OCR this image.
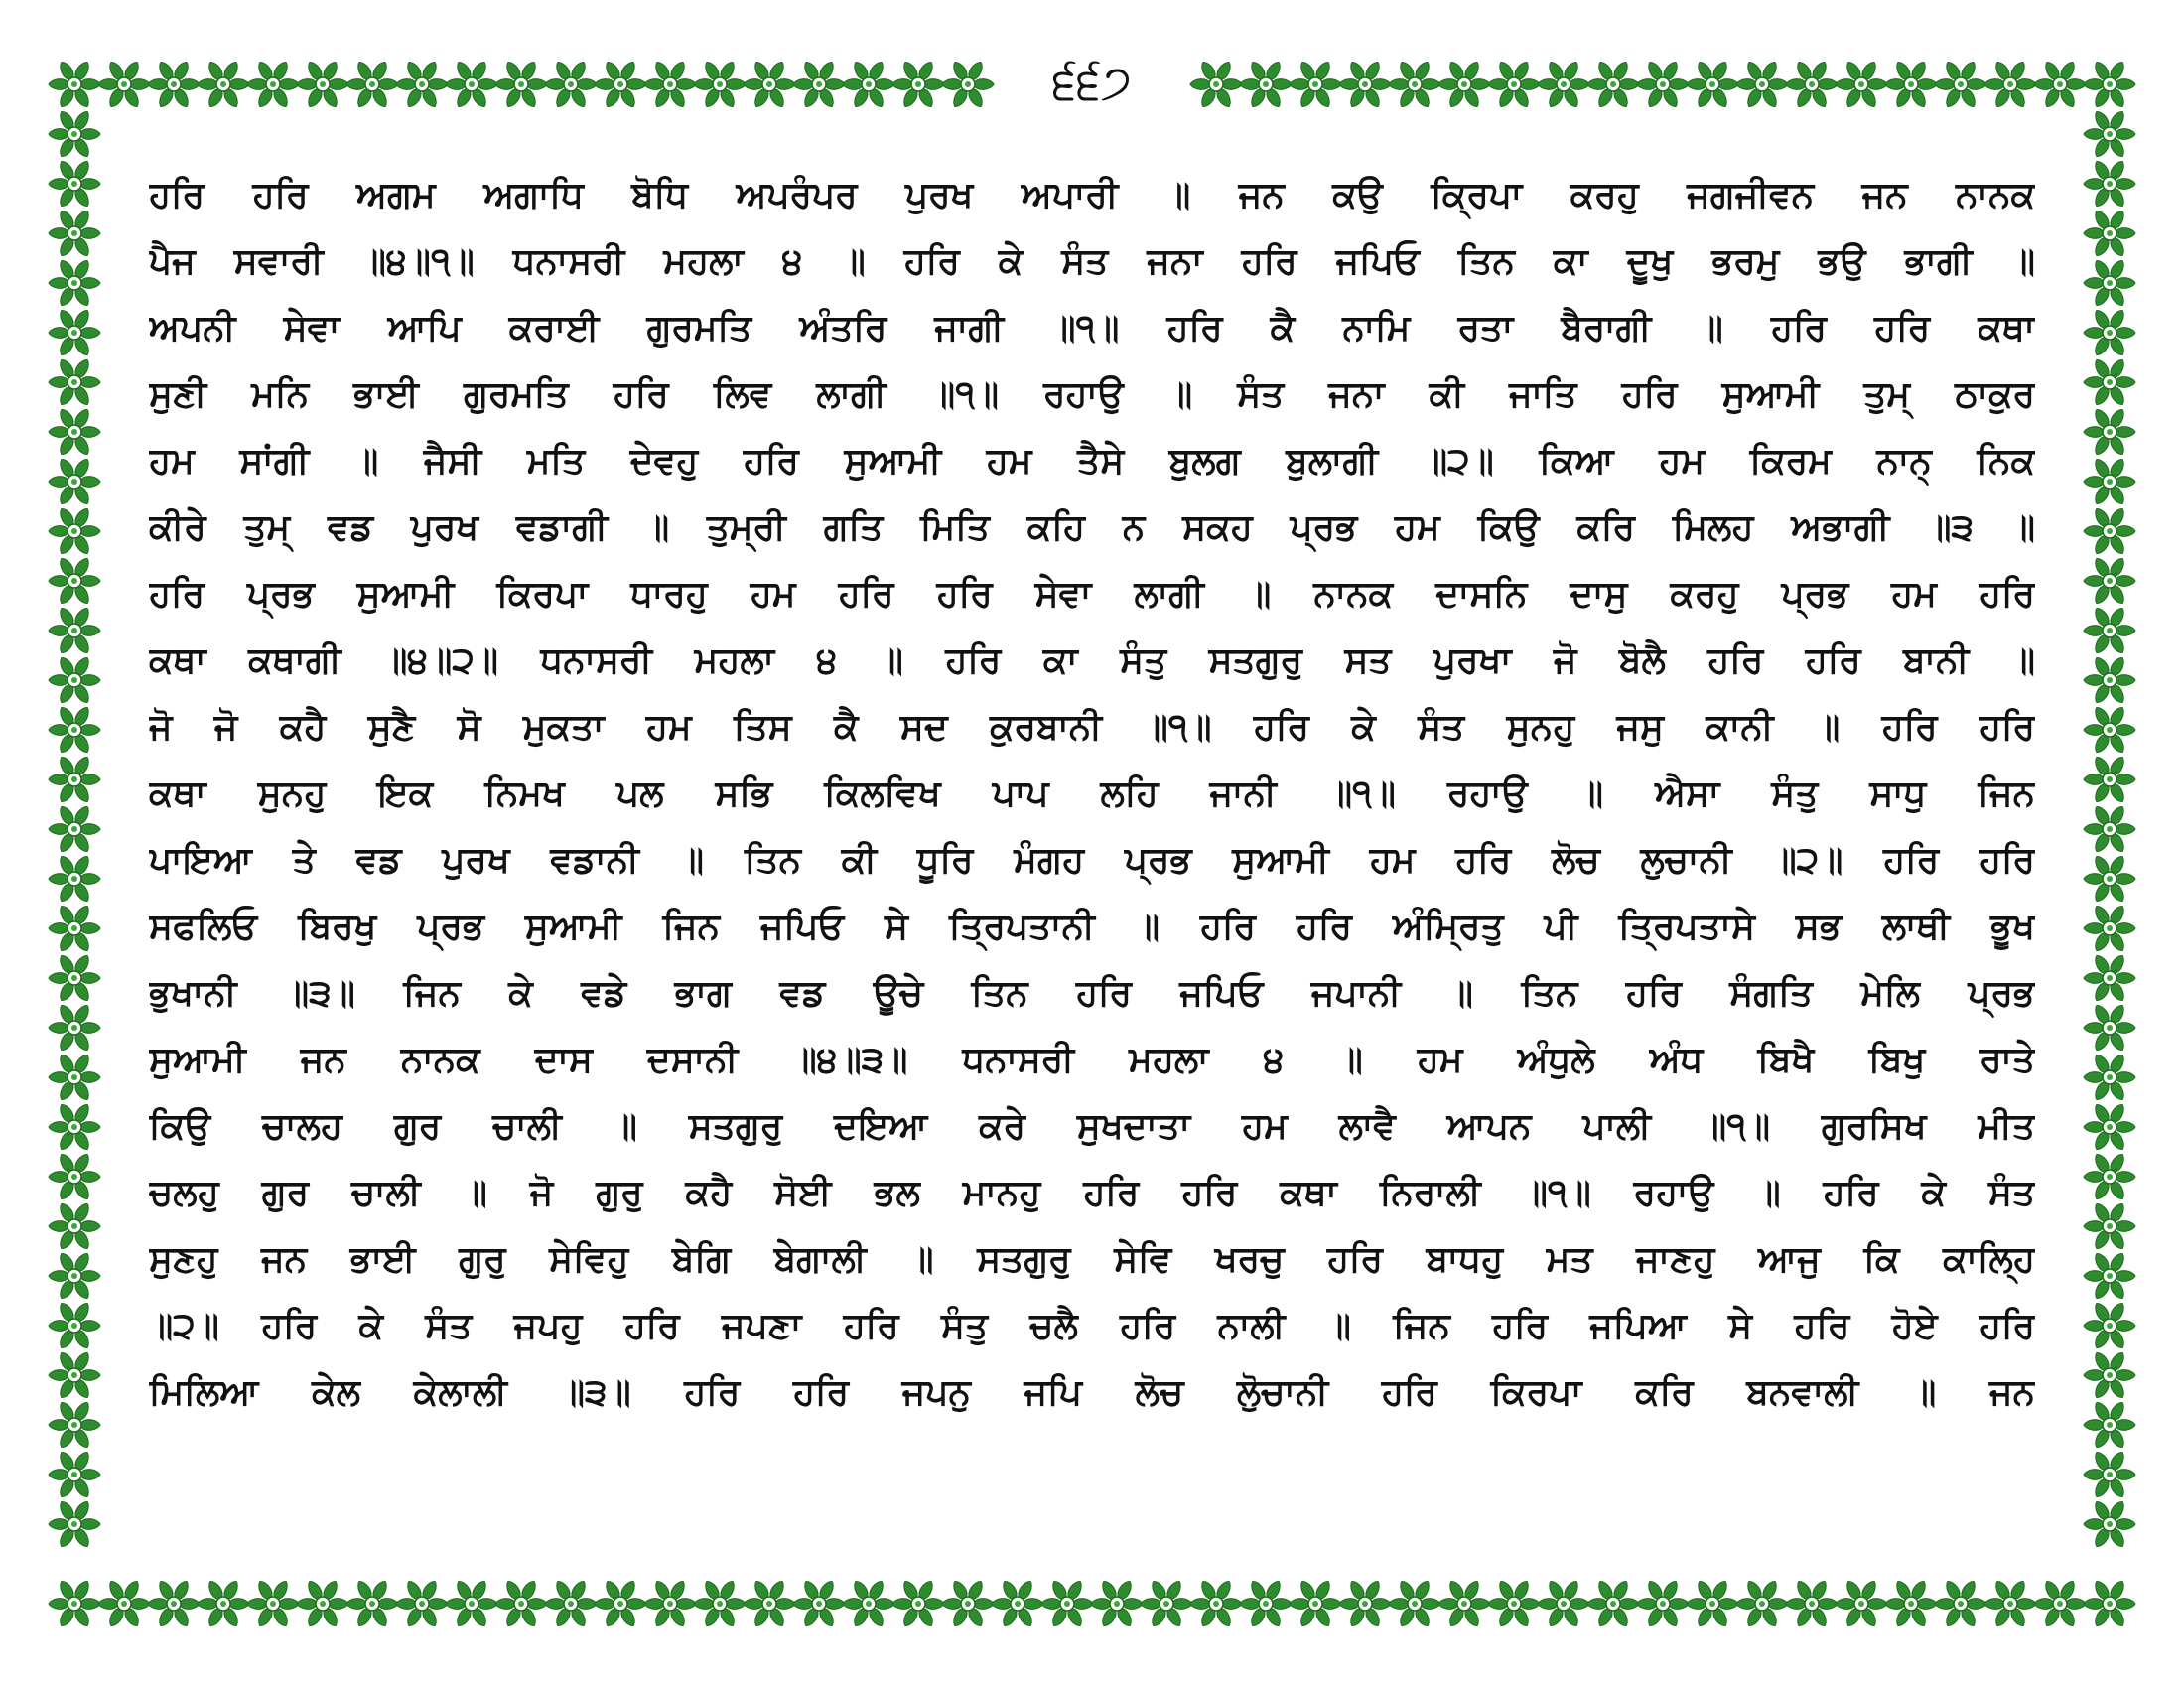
੬੬੭
ਹਰਿ ਹਰਿ ਅਗਮ ਅਗਾਧਿ ਬੋਧਿ ਅਪਰੰਪਰ ਪੁਰਖ ਅਪਾਰੀ ॥ ਜਨ ਕਉ ਕ੍ਰਿਪਾ ਕਰਹੁ ਜਗਜੀਵਨ ਜਨ ਨਾਨਕ
ਪੈਜ ਸਵਾਰੀ ॥੪॥੧॥ ਧਨਾਸਰੀ ਮਹਲਾ ੪ ॥ ਹਰਿ ਕੇ ਸੰਤ ਜਨਾ ਹਰਿ ਜਪਿਓ ਤਿਨ ਕਾ ਦੂਖੁ ਭਰਮੁ ਭਉ ਭਾਗੀ ॥
ਅਪਨੀ ਸੇਵਾ ਆਪਿ ਕਰਾਈ ਗੁਰਮਤਿ ਅੰਤਰਿ ਜਾਗੀ ॥੧॥ ਹਰਿ ਕੈ ਨਾਮਿ ਰਤਾ ਬੈਰਾਗੀ ॥ ਹਰਿ ਹਰਿ ਕਥਾ
ਸੁਣੀ ਮਨਿ ਭਾਈ ਗੁਰਮਤਿ ਹਰਿ ਲਿਵ ਲਾਗੀ ॥੧॥ ਰਹਾਉ ॥ ਸੰਤ ਜਨਾ ਕੀ ਜਾਤਿ ਹਰਿ ਸੁਆਮੀ ਤੁਮ੍ ਠਾਕੁਰ
ਹਮ ਸਾਂਗੀ ॥ ਜੈਸੀ ਮਤਿ ਦੇਵਹੁ ਹਰਿ ਸੁਆਮੀ ਹਮ ਤੈਸੇ ਬੁਲਗ ਬੁਲਾਗੀ ॥੨॥ ਕਿਆ ਹਮ ਕਿਰਮ ਨਾਨ੍ ਨਿਕ
ਕੀਰੇ ਤੁਮ੍ ਵਡ ਪੁਰਖ ਵਡਾਗੀ ॥ ਤੁਮ੍ਰੀ ਗਤਿ ਮਿਤਿ ਕਹਿ ਨ ਸਕਹ ਪ੍ਰਭ ਹਮ ਕਿਉ ਕਰਿ ਮਿਲਹ ਅਭਾਗੀ ॥੩ ॥
ਹਰਿ ਪ੍ਰਭ ਸੁਆਮੀ ਕਿਰਪਾ ਧਾਰਹੁ ਹਮ ਹਰਿ ਹਰਿ ਸੇਵਾ ਲਾਗੀ ॥ ਨਾਨਕ ਦਾਸਨਿ ਦਾਸੁ ਕਰਹੁ ਪ੍ਰਭ ਹਮ ਹਰਿ
ਕਥਾ ਕਥਾਗੀ ॥੪॥੨॥ ਧਨਾਸਰੀ ਮਹਲਾ ੪ ॥ ਹਰਿ ਕਾ ਸੰਤੁ ਸਤਗੁਰੁ ਸਤ ਪੁਰਖਾ ਜੋ ਬੋਲੈ ਹਰਿ ਹਰਿ ਬਾਨੀ ॥
ਜੋ ਜੋ ਕਹੈ ਸੁਣੈ ਸੋ ਮੁਕਤਾ ਹਮ ਤਿਸ ਕੈ ਸਦ ਕੁਰਬਾਨੀ ॥੧॥ ਹਰਿ ਕੇ ਸੰਤ ਸੁਨਹੁ ਜਸੁ ਕਾਨੀ ॥ ਹਰਿ ਹਰਿ
ਕਥਾ ਸੁਨਹੁ ਇਕ ਨਿਮਖ ਪਲ ਸਭਿ ਕਿਲਵਿਖ ਪਾਪ ਲਹਿ ਜਾਨੀ ॥੧॥ ਰਹਾਉ ॥ ਐਸਾ ਸੰਤੁ ਸਾਧੁ ਜਿਨ
ਪਾਇਆ ਤੇ ਵਡ ਪੁਰਖ ਵਡਾਨੀ ॥ ਤਿਨ ਕੀ ਧੂਰਿ ਮੰਗਹ ਪ੍ਰਭ ਸੁਆਮੀ ਹਮ ਹਰਿ ਲੋਚ ਲੁਚਾਨੀ ॥੨॥ ਹਰਿ ਹਰਿ
ਸਫਲਿਓ ਬਿਰਖੁ ਪ੍ਰਭ ਸੁਆਮੀ ਜਿਨ ਜਪਿਓ ਸੇ ਤ੍ਰਿਪਤਾਨੀ ॥ ਹਰਿ ਹਰਿ ਅੰਮ੍ਰਿਤੁ ਪੀ ਤ੍ਰਿਪਤਾਸੇ ਸਭ ਲਾਥੀ ਭੂਖ
ਭੁਖਾਨੀ ॥੩॥ ਜਿਨ ਕੇ ਵਡੇ ਭਾਗ ਵਡ ਊਚੇ ਤਿਨ ਹਰਿ ਜਪਿਓ ਜਪਾਨੀ ॥ ਤਿਨ ਹਰਿ ਸੰਗਤਿ ਮੇਲਿ ਪ੍ਰਭ
ਸੁਆਮੀ ਜਨ ਨਾਨਕ ਦਾਸ ਦਸਾਨੀ ॥੪॥੩॥ ਧਨਾਸਰੀ ਮਹਲਾ ੪ ॥ ਹਮ ਅੰਧੁਲੇ ਅੰਧ ਬਿਖੈ ਬਿਖੁ ਰਾਤੇ
ਕਿਉ ਚਾਲਹ ਗੁਰ ਚਾਲੀ ॥ ਸਤਗੁਰੁ ਦਇਆ ਕਰੇ ਸੁਖਦਾਤਾ ਹਮ ਲਾਵੈ ਆਪਨ ਪਾਲੀ ॥੧॥ ਗੁਰਸਿਖ ਮੀਤ
ਚਲਹੁ ਗੁਰ ਚਾਲੀ ॥ ਜੋ ਗੁਰੁ ਕਹੈ ਸੋਈ ਭਲ ਮਾਨਹੁ ਹਰਿ ਹਰਿ ਕਥਾ ਨਿਰਾਲੀ ॥੧॥ ਰਹਾਉ ॥ ਹਰਿ ਕੇ ਸੰਤ
ਸੁਣਹੁ ਜਨ ਭਾਈ ਗੁਰੁ ਸੇਵਿਹੁ ਬੇਗਿ ਬੇਗਾਲੀ ॥ ਸਤਗੁਰੁ ਸੇਵਿ ਖਰਚੁ ਹਰਿ ਬਾਧਹੁ ਮਤ ਜਾਣਹੁ ਆਜੁ ਕਿ ਕਾਲ੍ਹਿ
॥੨॥ ਹਰਿ ਕੇ ਸੰਤ ਜਪਹੁ ਹਰਿ ਜਪਣਾ ਹਰਿ ਸੰਤੁ ਚਲੈ ਹਰਿ ਨਾਲੀ ॥ ਜਿਨ ਹਰਿ ਜਪਿਆ ਸੇ ਹਰਿ ਹੋਏ ਹਰਿ
ਮਿਲਿਆ ਕੇਲ ਕੇਲਾਲੀ ॥੩॥ ਹਰਿ ਹਰਿ ਜਪਨੁ ਜਪਿ ਲੋਚ ਲੋੁਚਾਨੀ ਹਰਿ ਕਿਰਪਾ ਕਰਿ ਬਨਵਾਲੀ ॥ ਜਨ
